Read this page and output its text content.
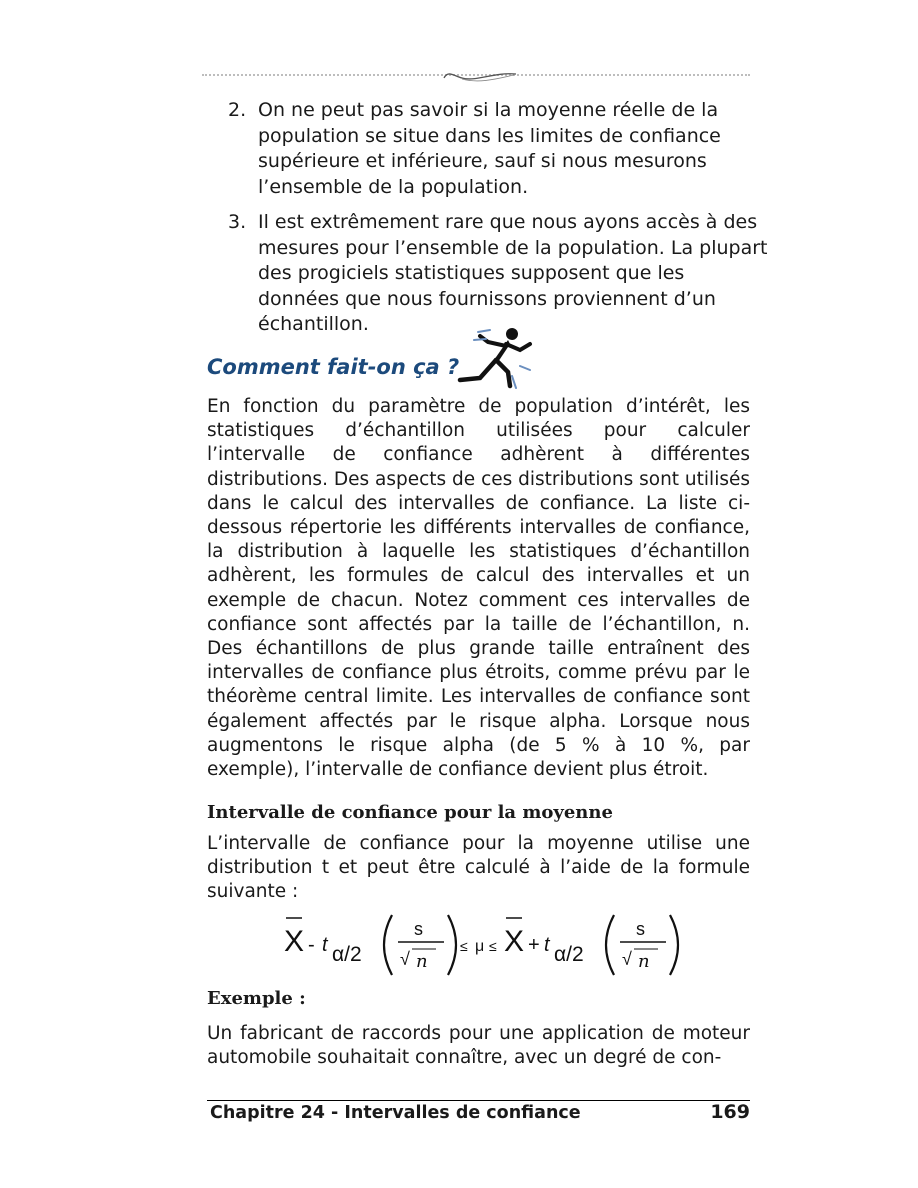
2. On ne peut pas savoir si la moyenne réelle de la population se situe dans les limites de confiance supérieure et inférieure, sauf si nous mesurons l’ensemble de la population.
3. Il est extrêmement rare que nous ayons accès à des mesures pour l’ensemble de la population. La plupart des progiciels statistiques supposent que les données que nous fournissons proviennent d’un échantillon.
Comment fait-on ça ?

En fonction du paramètre de population d’intérêt, les statistiques d’échantillon utilisées pour calculer l’intervalle de confiance adhèrent à différentes distributions. Des aspects de ces distributions sont utilisés dans le calcul des intervalles de confiance. La liste ci-dessous répertorie les différents intervalles de confiance, la distribution à laquelle les statistiques d’échantillon adhèrent, les formules de calcul des intervalles et un exemple de chacun. Notez comment ces intervalles de confiance sont affectés par la taille de l’échantillon, n. Des échantillons de plus grande taille entraînent des intervalles de confiance plus étroits, comme prévu par le théorème central limite. Les intervalles de confiance sont également affectés par le risque alpha. Lorsque nous augmentons le risque alpha (de 5 % à 10 %, par exemple), l’intervalle de confiance devient plus étroit.

Intervalle de confiance pour la moyenne

L’intervalle de confiance pour la moyenne utilise une distribution t et peut être calculé à l’aide de la formule suivante :

X - t α/2
s
√ n
≤ μ ≤ X + t α/2
s
√ n
Exemple :

Un fabricant de raccords pour une application de moteur automobile souhaitait connaître, avec un degré de con-

Chapitre 24 - Intervalles de confiance	169
